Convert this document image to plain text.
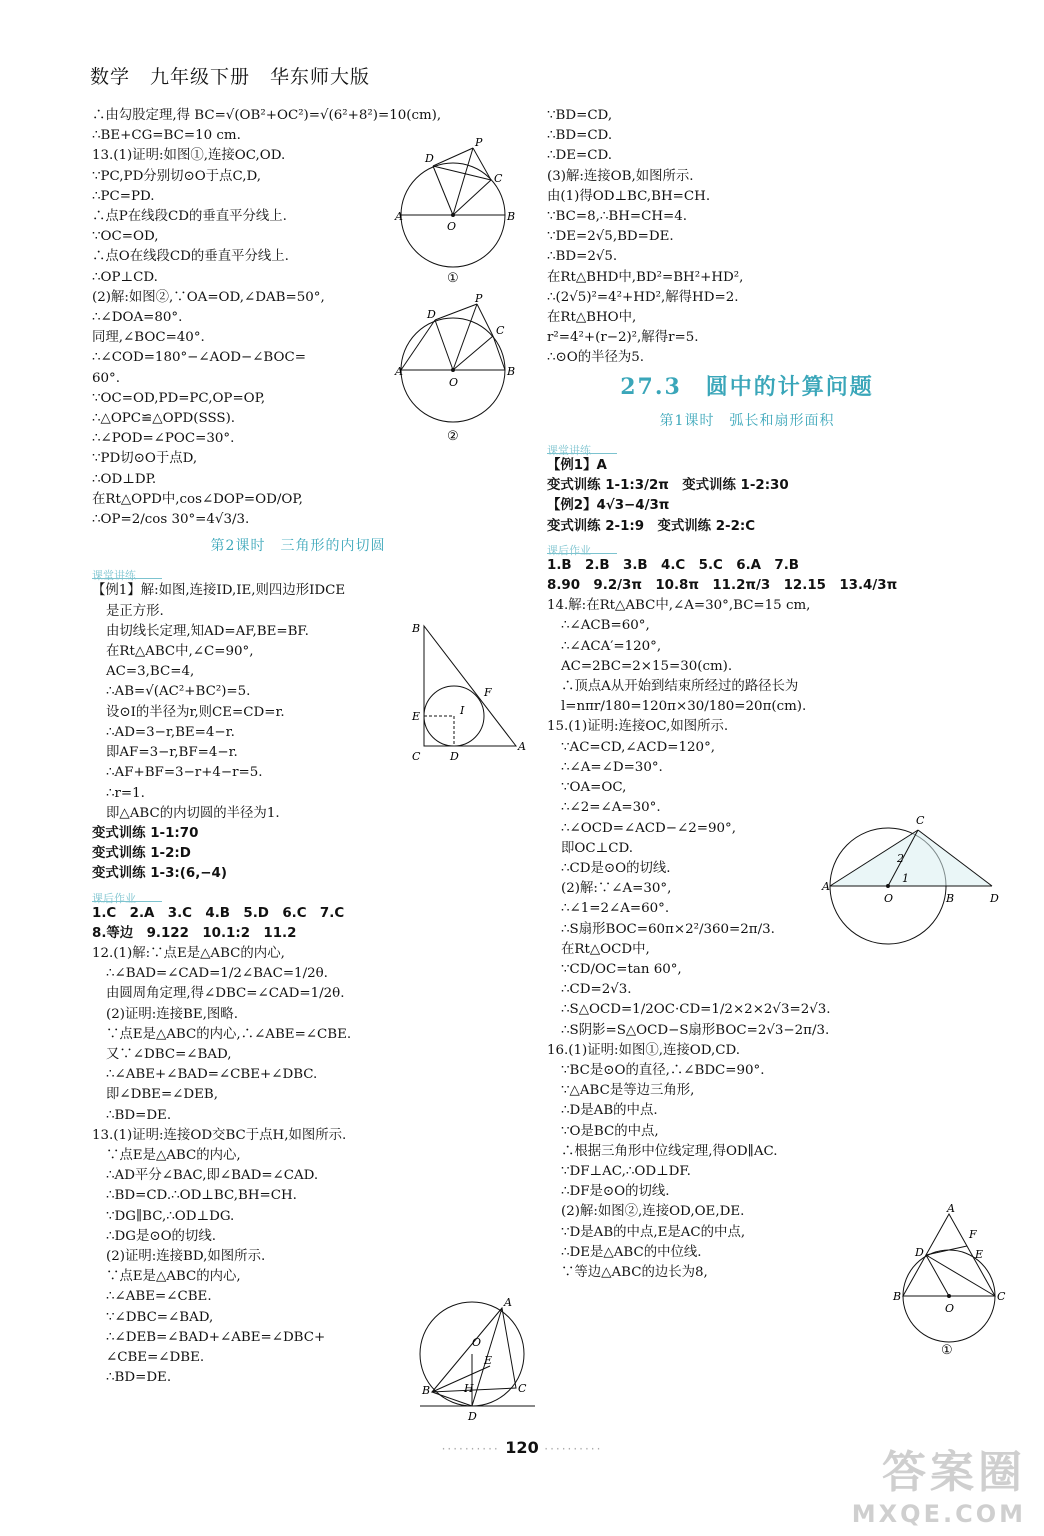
数学　九年级下册　华东师大版
∴由勾股定理,得 BC=√(OB²+OC²)=√(6²+8²)=10(cm),
∴BE+CG=BC=10 cm.
13.(1)证明:如图①,连接OC,OD.
∵PC,PD分别切⊙O于点C,D,
∴PC=PD.
∴点P在线段CD的垂直平分线上.
∵OC=OD,
∴点O在线段CD的垂直平分线上.
∴OP⊥CD.
(2)解:如图②,∵OA=OD,∠DAB=50°,
∴∠DOA=80°.
同理,∠BOC=40°.
∴∠COD=180°−∠AOD−∠BOC=
60°.
∵OC=OD,PD=PC,OP=OP,
∴△OPC≌△OPD(SSS).
∴∠POD=∠POC=30°.
∵PD切⊙O于点D,
∴OD⊥DP.
在Rt△OPD中,cos∠DOP=OD/OP,
∴OP=2/cos 30°=4√3/3.
第2课时　三角形的内切圆
课堂讲练
【例1】解:如图,连接ID,IE,则四边形IDCE
是正方形.
由切线长定理,知AD=AF,BE=BF.
在Rt△ABC中,∠C=90°,
AC=3,BC=4,
∴AB=√(AC²+BC²)=5.
设⊙I的半径为r,则CE=CD=r.
∴AD=3−r,BE=4−r.
即AF=3−r,BF=4−r.
∴AF+BF=3−r+4−r=5.
∴r=1.
即△ABC的内切圆的半径为1.
变式训练 1-1:70
变式训练 1-2:D
变式训练 1-3:(6,−4)
课后作业
1.C　2.A　3.C　4.B　5.D　6.C　7.C
8.等边　9.122　10.1:2　11.2
12.(1)解:∵点E是△ABC的内心,
∴∠BAD=∠CAD=1/2∠BAC=1/2θ.
由圆周角定理,得∠DBC=∠CAD=1/2θ.
(2)证明:连接BE,图略.
∵点E是△ABC的内心,∴∠ABE=∠CBE.
又∵∠DBC=∠BAD,
∴∠ABE+∠BAD=∠CBE+∠DBC.
即∠DBE=∠DEB,
∴BD=DE.
13.(1)证明:连接OD交BC于点H,如图所示.
∵点E是△ABC的内心,
∴AD平分∠BAC,即∠BAD=∠CAD.
∴BD=CD.∴OD⊥BC,BH=CH.
∵DG∥BC,∴OD⊥DG.
∴DG是⊙O的切线.
(2)证明:连接BD,如图所示.
∵点E是△ABC的内心,
∴∠ABE=∠CBE.
∵∠DBC=∠BAD,
∴∠DEB=∠BAD+∠ABE=∠DBC+
∠CBE=∠DBE.
∴BD=DE.
∵BD=CD,
∴BD=CD.
∴DE=CD.
(3)解:连接OB,如图所示.
由(1)得OD⊥BC,BH=CH.
∵BC=8,∴BH=CH=4.
∵DE=2√5,BD=DE.
∴BD=2√5.
在Rt△BHD中,BD²=BH²+HD²,
∴(2√5)²=4²+HD²,解得HD=2.
在Rt△BHO中,
r²=4²+(r−2)²,解得r=5.
∴⊙O的半径为5.
27.3　圆中的计算问题
第1课时　弧长和扇形面积
课堂讲练
【例1】A
变式训练 1-1:3/2π　变式训练 1-2:30
【例2】4√3−4/3π
变式训练 2-1:9　变式训练 2-2:C
课后作业
1.B　2.B　3.B　4.C　5.C　6.A　7.B
8.90　9.2/3π　10.8π　11.2π/3　12.15　13.4/3π
14.解:在Rt△ABC中,∠A=30°,BC=15 cm,
∴∠ACB=60°,
∴∠ACA′=120°,
AC=2BC=2×15=30(cm).
∴顶点A从开始到结束所经过的路径长为
l=nπr/180=120π×30/180=20π(cm).
15.(1)证明:连接OC,如图所示.
∵AC=CD,∠ACD=120°,
∴∠A=∠D=30°.
∵OA=OC,
∴∠2=∠A=30°.
∴∠OCD=∠ACD−∠2=90°,
即OC⊥CD.
∴CD是⊙O的切线.
(2)解:∵∠A=30°,
∴∠1=2∠A=60°.
∴S扇形BOC=60π×2²/360=2π/3.
在Rt△OCD中,
∵CD/OC=tan 60°,
∴CD=2√3.
∴S△OCD=1/2OC·CD=1/2×2×2√3=2√3.
∴S阴影=S△OCD−S扇形BOC=2√3−2π/3.
16.(1)证明:如图①,连接OD,CD.
∵BC是⊙O的直径,∴∠BDC=90°.
∵△ABC是等边三角形,
∴D是AB的中点.
∵O是BC的中点,
∴根据三角形中位线定理,得OD∥AC.
∵DF⊥AC,∴OD⊥DF.
∴DF是⊙O的切线.
(2)解:如图②,连接OD,OE,DE.
∵D是AB的中点,E是AC的中点,
∴DE是△ABC的中位线.
∵等边△ABC的边长为8,
P
D
C
A
O
B
①
P
D
C
A
O
B
②
B
A
C
E
F
D
I
A
O
E
B	H
D
C
C
2
1
A
O	B	D
A
F
D	E
B
O
C
①
·········· 120 ··········	答案圈
MXQE.COM
